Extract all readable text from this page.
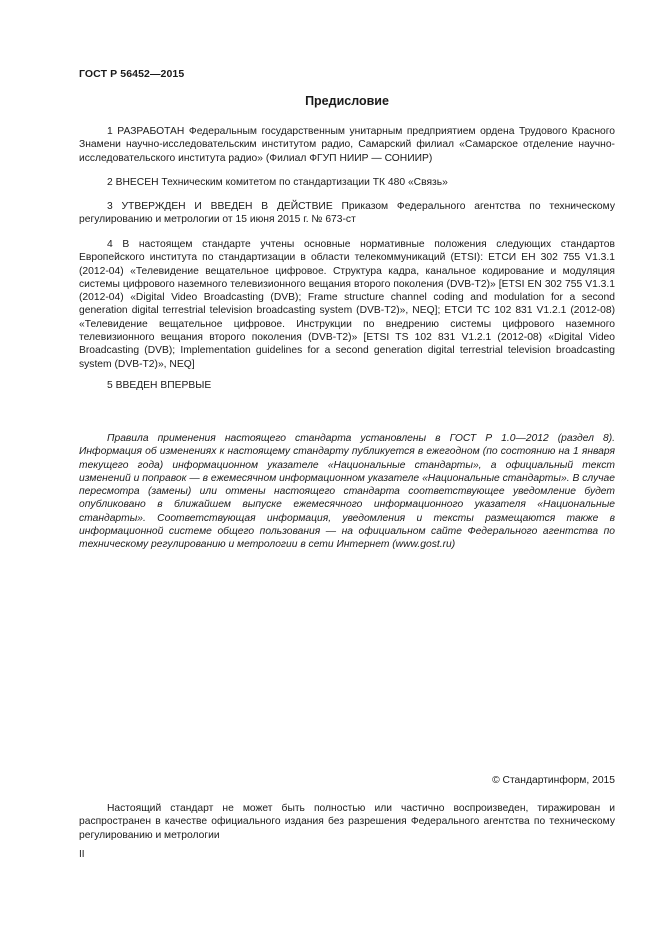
ГОСТ Р 56452—2015
Предисловие

1 РАЗРАБОТАН Федеральным государственным унитарным предприятием ордена Трудового Красного Знамени научно-исследовательским институтом радио, Самарский филиал «Самарское отделение научно-исследовательского института радио» (Филиал ФГУП НИИР — СОНИИР)

2 ВНЕСЕН Техническим комитетом по стандартизации ТК 480 «Связь»

3 УТВЕРЖДЕН И ВВЕДЕН В ДЕЙСТВИЕ Приказом Федерального агентства по техническому регулированию и метрологии от 15 июня 2015 г. № 673-ст

4 В настоящем стандарте учтены основные нормативные положения следующих стандартов Европейского института по стандартизации в области телекоммуникаций (ETSI): ЕТСИ ЕН 302 755 V1.3.1 (2012-04) «Телевидение вещательное цифровое. Структура кадра, канальное кодирование и модуляция системы цифрового наземного телевизионного вещания второго поколения (DVB-T2)» [ETSI EN 302 755 V1.3.1 (2012-04) «Digital Video Broadcasting (DVB); Frame structure channel coding and modulation for a second generation digital terrestrial television broadcasting system (DVB-T2)», NEQ]; ЕТСИ ТС 102 831 V1.2.1 (2012-08) «Телевидение вещательное цифровое. Инструкции по внедрению системы цифрового наземного телевизионного вещания второго поколения (DVB-T2)» [ETSI TS 102 831 V1.2.1 (2012-08) «Digital Video Broadcasting (DVB); Implementation guidelines for a second generation digital terrestrial television broadcasting system (DVB-T2)», NEQ]

5 ВВЕДЕН ВПЕРВЫЕ

Правила применения настоящего стандарта установлены в ГОСТ Р 1.0—2012 (раздел 8). Информация об изменениях к настоящему стандарту публикуется в ежегодном (по состоянию на 1 января текущего года) информационном указателе «Национальные стандарты», а официальный текст изменений и поправок — в ежемесячном информационном указателе «Национальные стандарты». В случае пересмотра (замены) или отмены настоящего стандарта соответствующее уведомление будет опубликовано в ближайшем выпуске ежемесячного информационного указателя «Национальные стандарты». Соответствующая информация, уведомления и тексты размещаются также в информационной системе общего пользования — на официальном сайте Федерального агентства по техническому регулированию и метрологии в сети Интернет (www.gost.ru)

© Стандартинформ, 2015

Настоящий стандарт не может быть полностью или частично воспроизведен, тиражирован и распространен в качестве официального издания без разрешения Федерального агентства по техническому регулированию и метрологии

II
